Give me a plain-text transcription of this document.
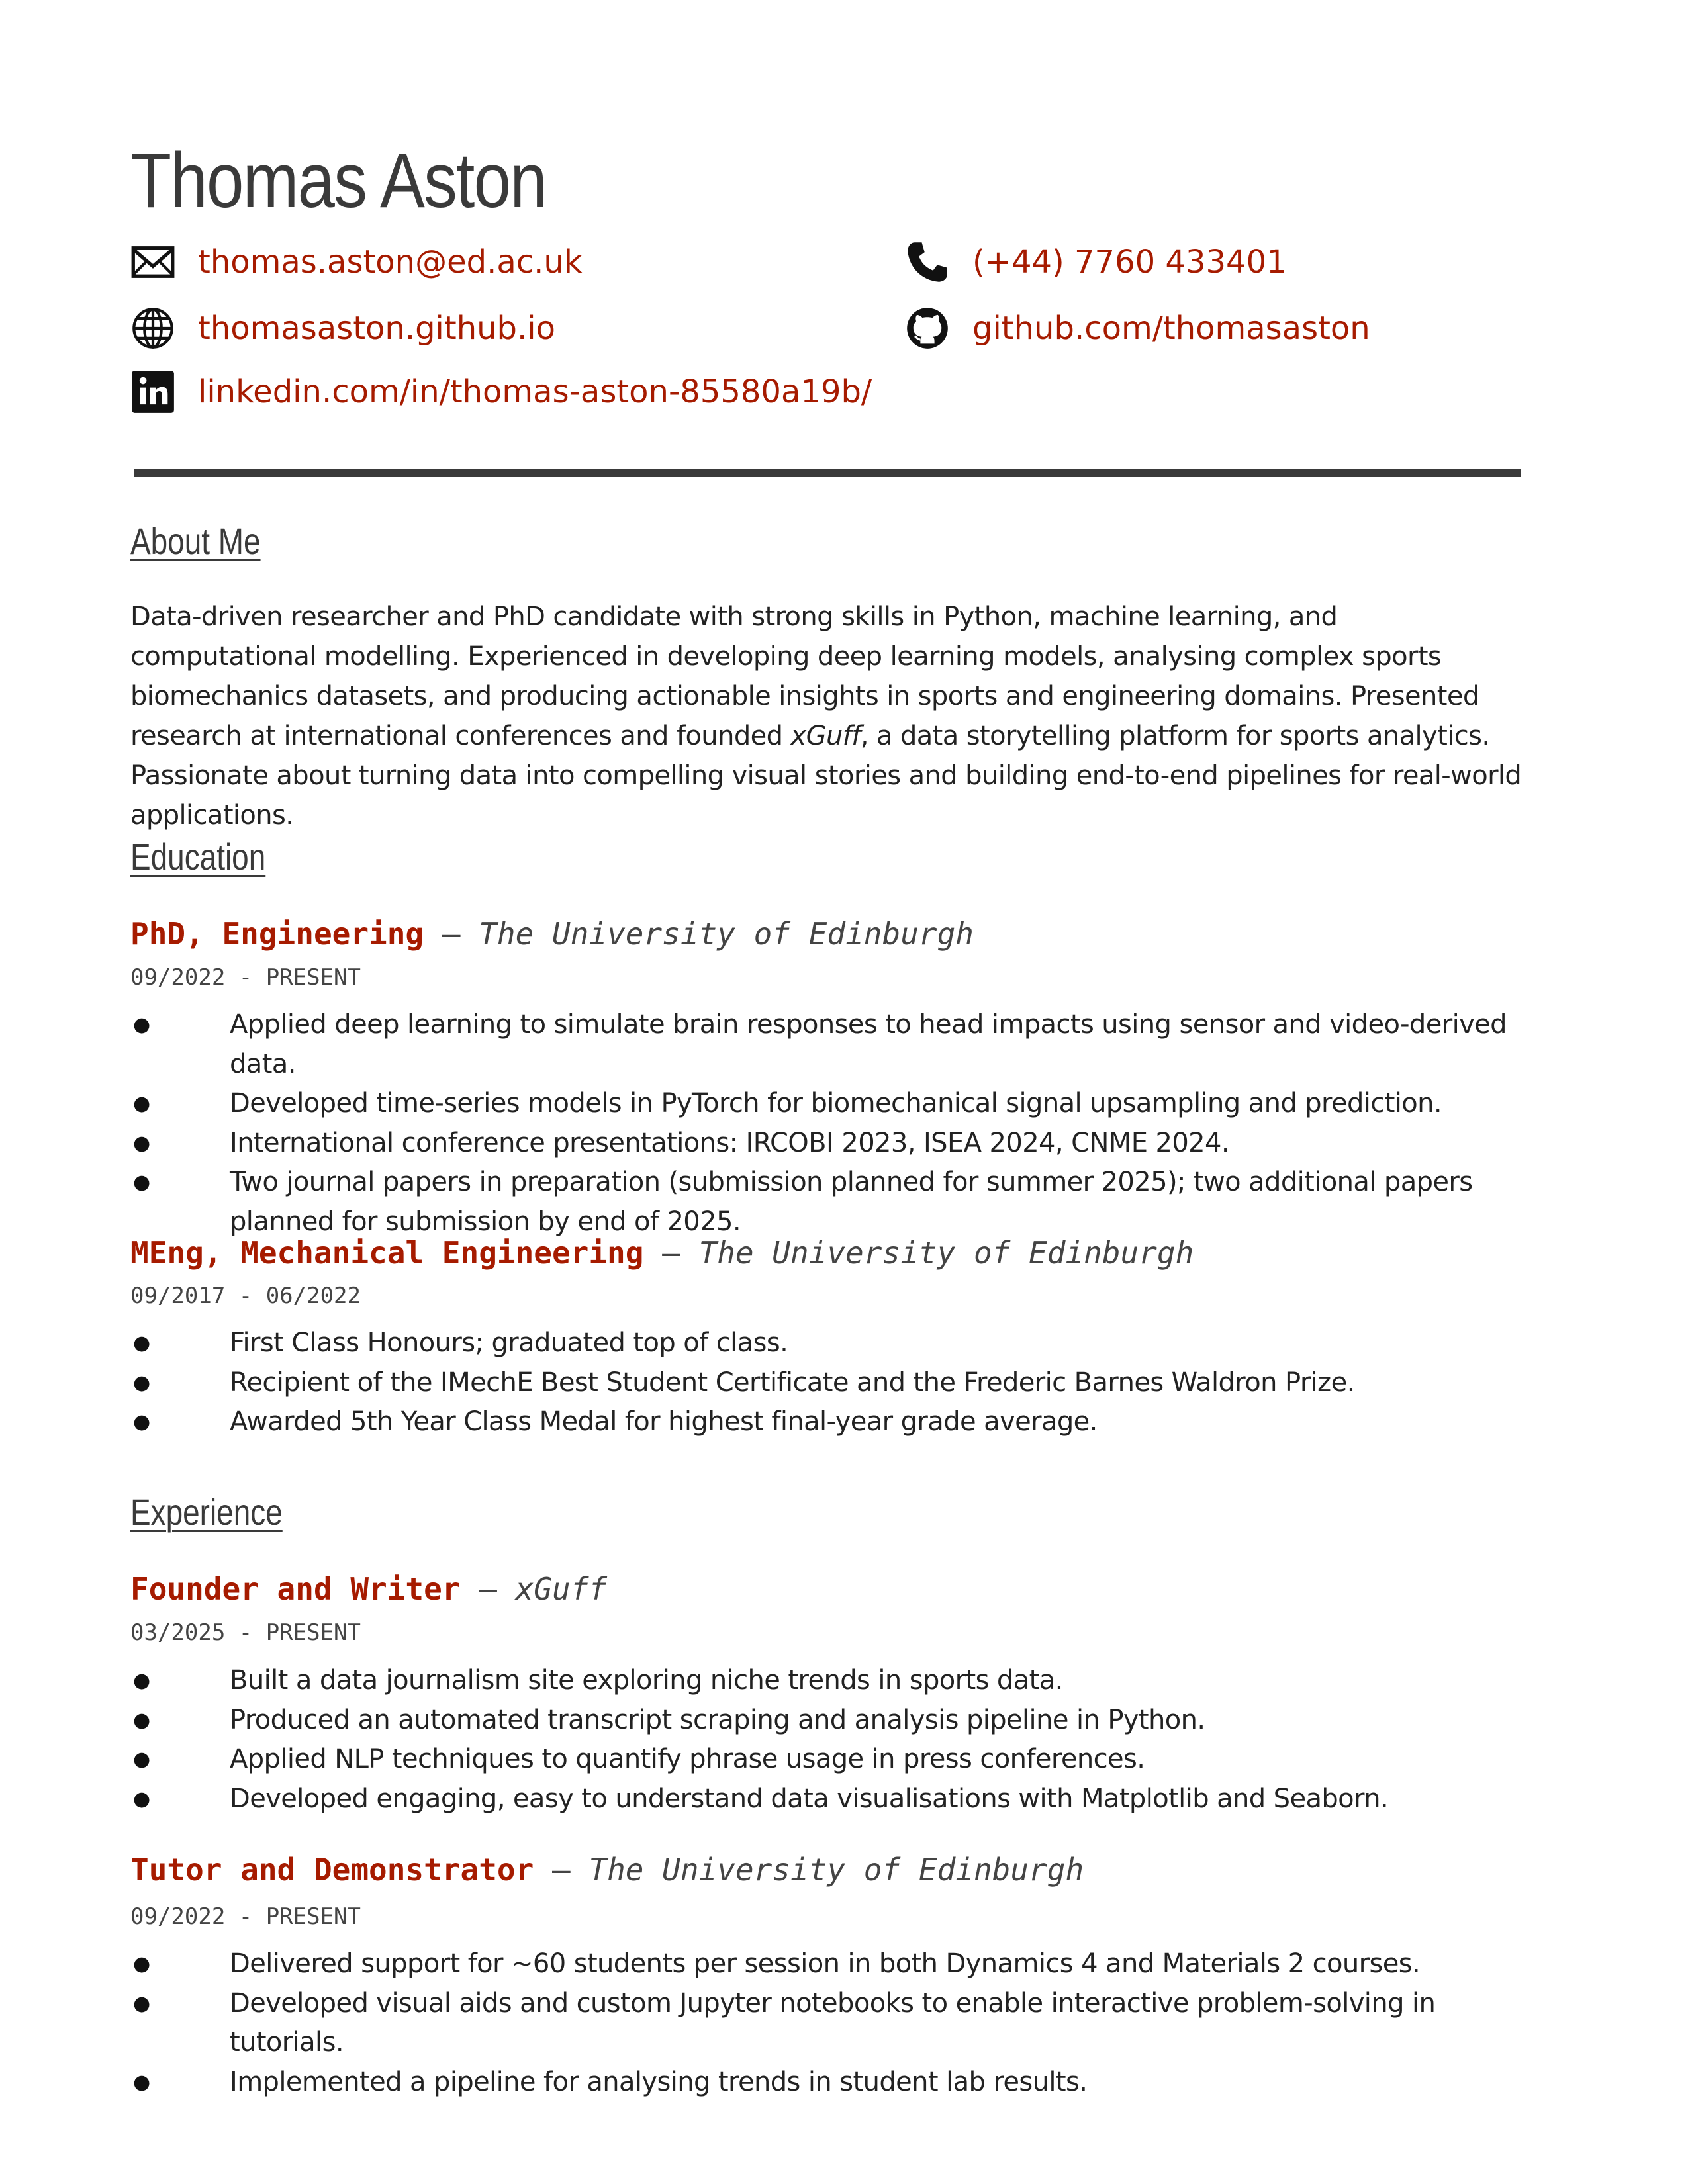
Thomas Aston
thomas.aston@ed.ac.uk	(+44) 7760 433401
thomasaston.github.io	github.com/thomasaston
linkedin.com/in/thomas-aston-85580a19b/
About Me

Data-driven researcher and PhD candidate with strong skills in Python, machine learning, and computational modelling. Experienced in developing deep learning models, analysing complex sports biomechanics datasets, and producing actionable insights in sports and engineering domains. Presented research at international conferences and founded xGuff, a data storytelling platform for sports analytics. Passionate about turning data into compelling visual stories and building end-to-end pipelines for real-world applications.

Education

PhD, Engineering — The University of Edinburgh

09/2022 - PRESENT

● Applied deep learning to simulate brain responses to head impacts using sensor and video-derived data.
● Developed time-series models in PyTorch for biomechanical signal upsampling and prediction.
● International conference presentations: IRCOBI 2023, ISEA 2024, CNME 2024.
● Two journal papers in preparation (submission planned for summer 2025); two additional papers planned for submission by end of 2025.

MEng, Mechanical Engineering — The University of Edinburgh

09/2017 - 06/2022

● First Class Honours; graduated top of class.
● Recipient of the IMechE Best Student Certificate and the Frederic Barnes Waldron Prize.
● Awarded 5th Year Class Medal for highest final-year grade average.
Experience

Founder and Writer — xGuff

03/2025 - PRESENT

● Built a data journalism site exploring niche trends in sports data.
● Produced an automated transcript scraping and analysis pipeline in Python.
● Applied NLP techniques to quantify phrase usage in press conferences.
● Developed engaging, easy to understand data visualisations with Matplotlib and Seaborn.

Tutor and Demonstrator — The University of Edinburgh

09/2022 - PRESENT

● Delivered support for ~60 students per session in both Dynamics 4 and Materials 2 courses.
● Developed visual aids and custom Jupyter notebooks to enable interactive problem-solving in tutorials.
● Implemented a pipeline for analysing trends in student lab results.
